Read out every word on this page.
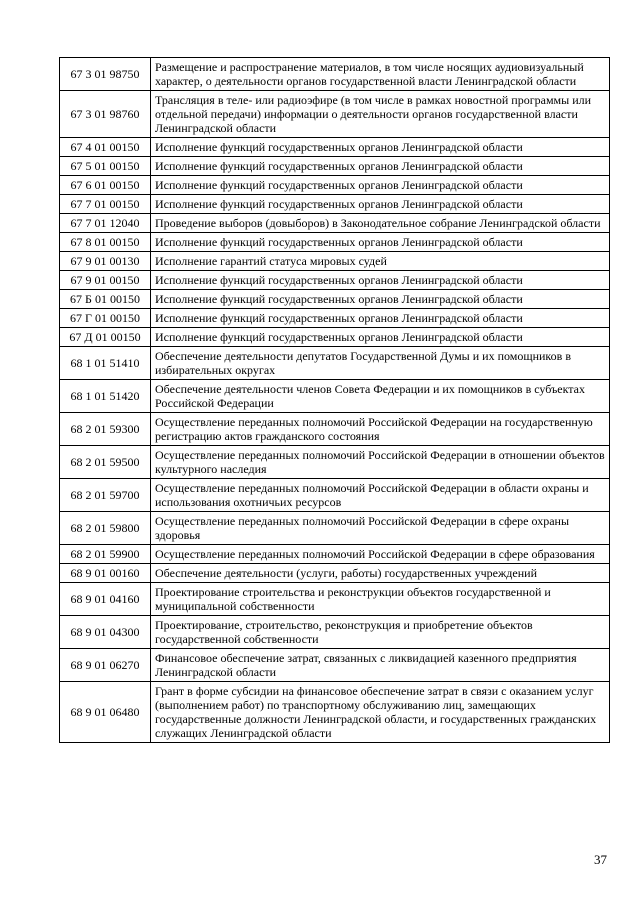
67 3 01 98750	Размещение и распространение материалов, в том числе носящих аудиовизуальный характер, о деятельности органов государственной власти Ленинградской области
67 3 01 98760	Трансляция в теле- или радиоэфире (в том числе в рамках новостной программы или отдельной передачи) информации о деятельности органов государственной власти Ленинградской области
67 4 01 00150	Исполнение функций государственных органов Ленинградской области
67 5 01 00150	Исполнение функций государственных органов Ленинградской области
67 6 01 00150	Исполнение функций государственных органов Ленинградской области
67 7 01 00150	Исполнение функций государственных органов Ленинградской области
67 7 01 12040	Проведение выборов (довыборов) в Законодательное собрание Ленинградской области
67 8 01 00150	Исполнение функций государственных органов Ленинградской области
67 9 01 00130	Исполнение гарантий статуса мировых судей
67 9 01 00150	Исполнение функций государственных органов Ленинградской области
67 Б 01 00150	Исполнение функций государственных органов Ленинградской области
67 Г 01 00150	Исполнение функций государственных органов Ленинградской области
67 Д 01 00150	Исполнение функций государственных органов Ленинградской области
68 1 01 51410	Обеспечение деятельности депутатов Государственной Думы и их помощников в избирательных округах
68 1 01 51420	Обеспечение деятельности членов Совета Федерации и их помощников в субъектах Российской Федерации
68 2 01 59300	Осуществление переданных полномочий Российской Федерации на государственную регистрацию актов гражданского состояния
68 2 01 59500	Осуществление переданных полномочий Российской Федерации в отношении объектов культурного наследия
68 2 01 59700	Осуществление переданных полномочий Российской Федерации в области охраны и использования охотничьих ресурсов
68 2 01 59800	Осуществление переданных полномочий Российской Федерации в сфере охраны здоровья
68 2 01 59900	Осуществление переданных полномочий Российской Федерации в сфере образования
68 9 01 00160	Обеспечение деятельности (услуги, работы) государственных учреждений
68 9 01 04160	Проектирование строительства и реконструкции объектов государственной и муниципальной собственности
68 9 01 04300	Проектирование, строительство, реконструкция и приобретение объектов государственной собственности
68 9 01 06270	Финансовое обеспечение затрат, связанных с ликвидацией казенного предприятия Ленинградской области
68 9 01 06480	Грант в форме субсидии на финансовое обеспечение затрат в связи с оказанием услуг (выполнением работ) по транспортному обслуживанию лиц, замещающих государственные должности Ленинградской области, и государственных гражданских служащих Ленинградской области
37
